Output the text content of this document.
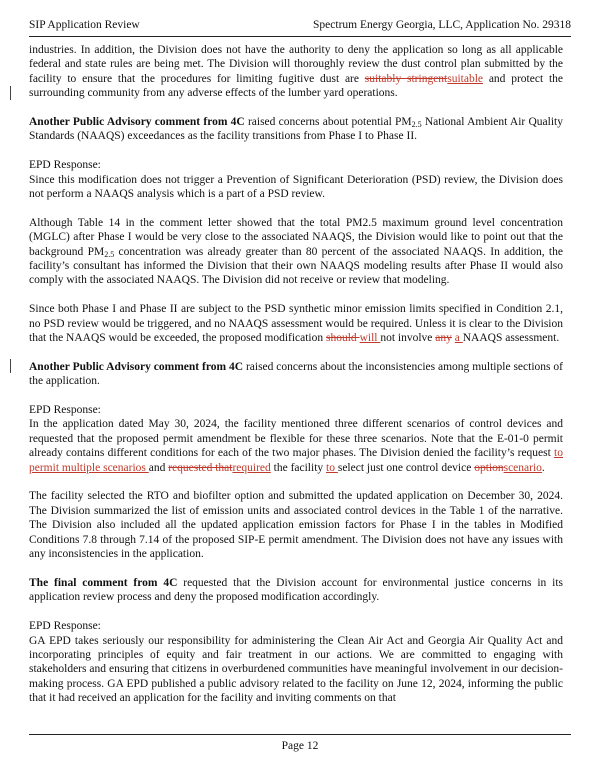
SIP Application Review	Spectrum Energy Georgia, LLC, Application No. 29318

industries. In addition, the Division does not have the authority to deny the application so long as all applicable federal and state rules are being met. The Division will thoroughly review the dust control plan submitted by the facility to ensure that the procedures for limiting fugitive dust are suitably stringentsuitable and protect the surrounding community from any adverse effects of the lumber yard operations.

Another Public Advisory comment from 4C raised concerns about potential $PM_{2.5}$ National Ambient Air Quality Standards (NAAQS) exceedances as the facility transitions from Phase I to Phase II.

EPD Response:

Since this modification does not trigger a Prevention of Significant Deterioration (PSD) review, the Division does not perform a NAAQS analysis which is a part of a PSD review.

Although Table 14 in the comment letter showed that the total PM2.5 maximum ground level concentration (MGLC) after Phase I would be very close to the associated NAAQS, the Division would like to point out that the background $PM_{2.5}$ concentration was already greater than 80 percent of the associated NAAQS. In addition, the facility’s consultant has informed the Division that their own NAAQS modeling results after Phase II would also comply with the associated NAAQS. The Division did not receive or review that modeling.

Since both Phase I and Phase II are subject to the PSD synthetic minor emission limits specified in Condition 2.1, no PSD review would be triggered, and no NAAQS assessment would be required. Unless it is clear to the Division that the NAAQS would be exceeded, the proposed modification should will not involve any a NAAQS assessment.

Another Public Advisory comment from 4C raised concerns about the inconsistencies among multiple sections of the application.

EPD Response:

In the application dated May 30, 2024, the facility mentioned three different scenarios of control devices and requested that the proposed permit amendment be flexible for these three scenarios. Note that the E-01-0 permit already contains different conditions for each of the two major phases. The Division denied the facility’s request to permit multiple scenarios and requested thatrequired the facility to select just one control device optionscenario.

The facility selected the RTO and biofilter option and submitted the updated application on December 30, 2024. The Division summarized the list of emission units and associated control devices in the Table 1 of the narrative. The Division also included all the updated application emission factors for Phase I in the tables in Modified Conditions 7.8 through 7.14 of the proposed SIP-E permit amendment. The Division does not have any issues with any inconsistencies in the application.

The final comment from 4C requested that the Division account for environmental justice concerns in its application review process and deny the proposed modification accordingly.

EPD Response:

GA EPD takes seriously our responsibility for administering the Clean Air Act and Georgia Air Quality Act and incorporating principles of equity and fair treatment in our actions. We are committed to engaging with stakeholders and ensuring that citizens in overburdened communities have meaningful involvement in our decision-making process. GA EPD published a public advisory related to the facility on June 12, 2024, informing the public that it had received an application for the facility and inviting comments on that

Page 12
